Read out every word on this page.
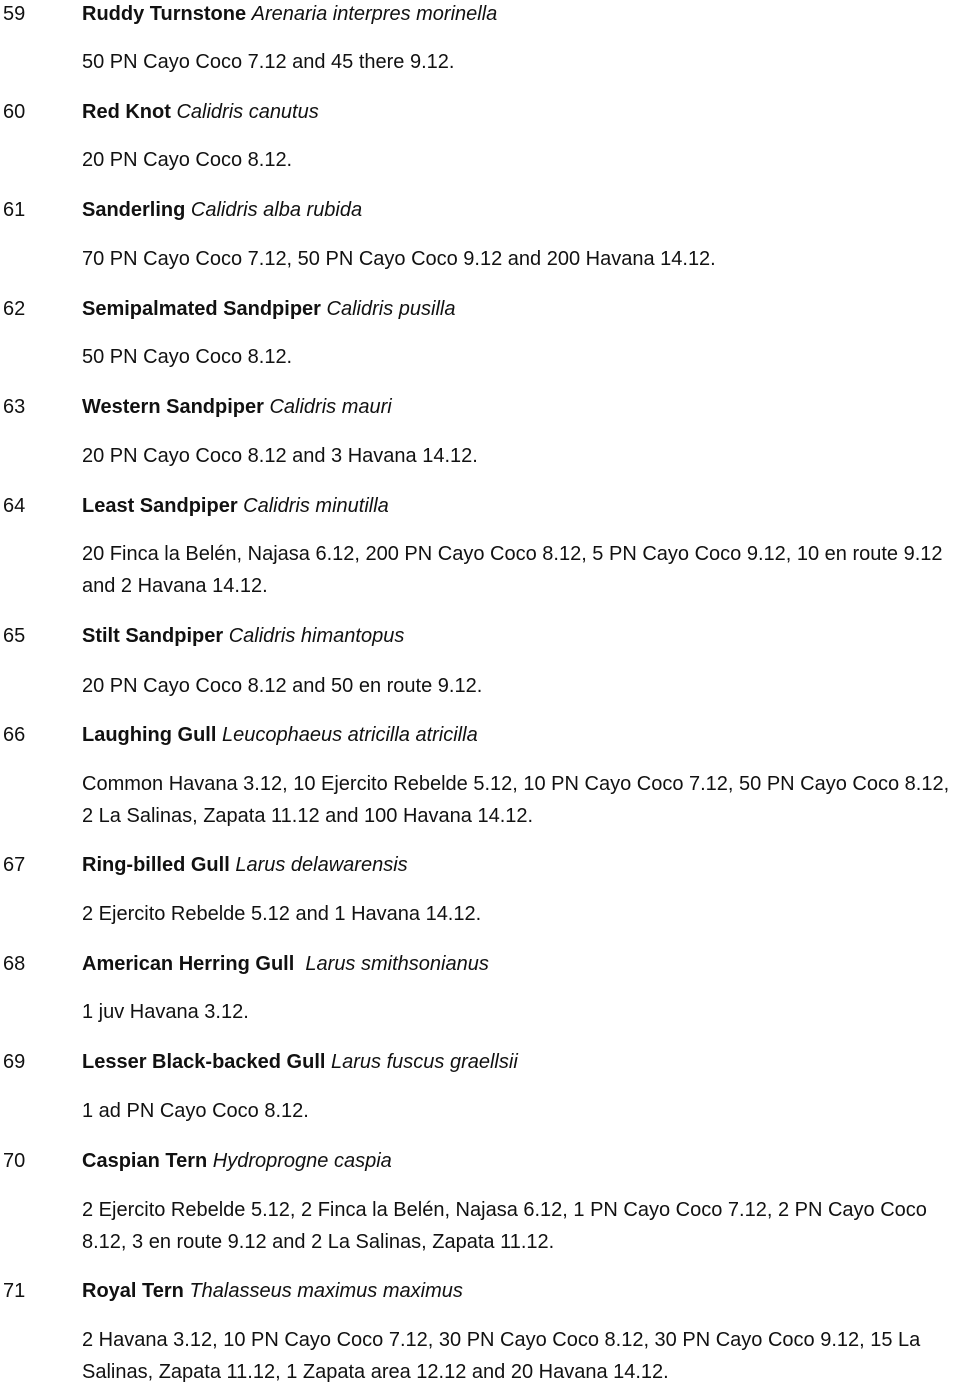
59	Ruddy Turnstone Arenaria interpres morinella
50 PN Cayo Coco 7.12 and 45 there 9.12.
60	Red Knot Calidris canutus
20 PN Cayo Coco 8.12.
61	Sanderling Calidris alba rubida
70 PN Cayo Coco 7.12, 50 PN Cayo Coco 9.12 and 200 Havana 14.12.
62	Semipalmated Sandpiper Calidris pusilla
50 PN Cayo Coco 8.12.
63	Western Sandpiper Calidris mauri
20 PN Cayo Coco 8.12 and 3 Havana 14.12.
64	Least Sandpiper Calidris minutilla
20 Finca la Belén, Najasa 6.12, 200 PN Cayo Coco 8.12, 5 PN Cayo Coco 9.12, 10 en route 9.12 and 2 Havana 14.12.
65	Stilt Sandpiper Calidris himantopus
20 PN Cayo Coco 8.12 and 50 en route 9.12.
66	Laughing Gull Leucophaeus atricilla atricilla
Common Havana 3.12, 10 Ejercito Rebelde 5.12, 10 PN Cayo Coco 7.12, 50 PN Cayo Coco 8.12, 2 La Salinas, Zapata 11.12 and 100 Havana 14.12.
67	Ring-billed Gull Larus delawarensis
2 Ejercito Rebelde 5.12 and 1 Havana 14.12.
68	American Herring Gull Larus smithsonianus
1 juv Havana 3.12.
69	Lesser Black-backed Gull Larus fuscus graellsii
1 ad PN Cayo Coco 8.12.
70	Caspian Tern Hydroprogne caspia
2 Ejercito Rebelde 5.12, 2 Finca la Belén, Najasa 6.12, 1 PN Cayo Coco 7.12, 2 PN Cayo Coco 8.12, 3 en route 9.12 and 2 La Salinas, Zapata 11.12.
71	Royal Tern Thalasseus maximus maximus
2 Havana 3.12, 10 PN Cayo Coco 7.12, 30 PN Cayo Coco 8.12, 30 PN Cayo Coco 9.12, 15 La Salinas, Zapata 11.12, 1 Zapata area 12.12 and 20 Havana 14.12.
